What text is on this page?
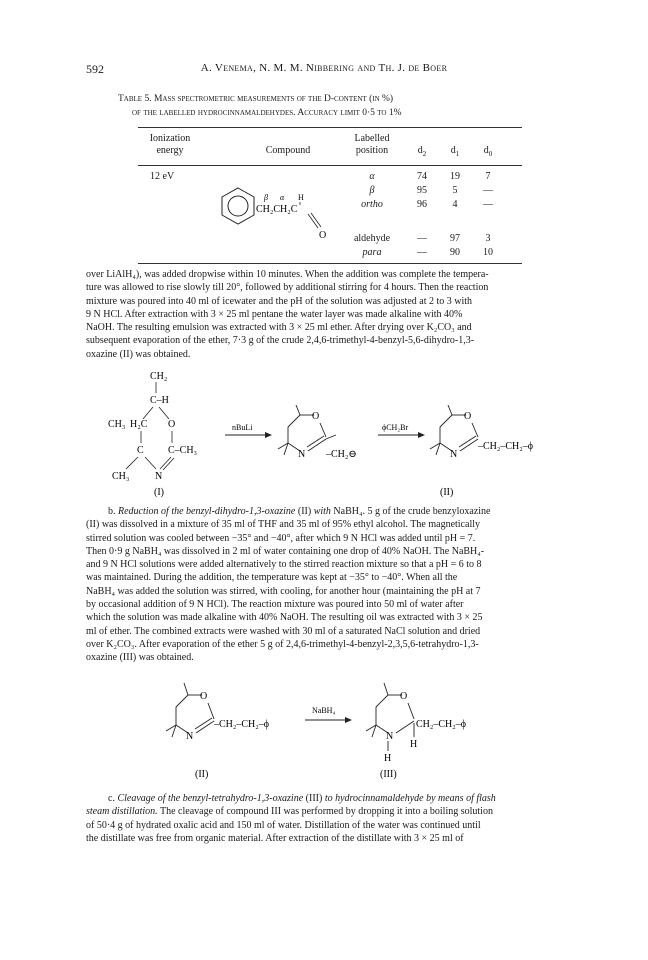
592	A. Venema, N. M. M. Nibbering and Th. J. de Boer
Table 5. Mass spectrometric measurements of the D-content (in %)
of the labelled hydrocinnamaldehydes. Accuracy limit 0·5 to 1%
Ionization
energy	Compound
Labelled
position	$d_2$	$d_1$	$d_0$
12 eV	α	74	19	7
β	95	5	—
ortho	96	4	—
aldehyde	—	97	3
para	—	90	10
β α H
CH₂CH₂C
O
over LiAlH₄), was added dropwise within 10 minutes. When the addition was complete the tempera-
ture was allowed to rise slowly till 20°, followed by additional stirring for 4 hours. Then the reaction
mixture was poured into 40 ml of icewater and the pH of the solution was adjusted at 2 to 3 with
9 N HCl. After extraction with 3 × 25 ml pentane the water layer was made alkaline with 40%
NaOH. The resulting emulsion was extracted with 3 × 25 ml ether. After drying over K₂CO₃ and
subsequent evaporation of the ether, 7·3 g of the crude 2,4,6-trimethyl-4-benzyl-5,6-dihydro-1,3-
oxazine (II) was obtained.
CH₂
C–H
CH₃ H₂C O
C C–CH₃
CH₃	N
nBuLi
O
N –CH₂⊖
ϕCH₂Br
O
N
–CH₂–CH₂–ϕ
(I)	(II)
b. Reduction of the benzyl-dihydro-1,3-oxazine (II) with NaBH₄. 5 g of the crude benzyloxazine
(II) was dissolved in a mixture of 35 ml of THF and 35 ml of 95% ethyl alcohol. The magnetically
stirred solution was cooled between −35° and −40°, after which 9 N HCl was added until pH = 7.
Then 0·9 g NaBH₄ was dissolved in 2 ml of water containing one drop of 40% NaOH. The NaBH₄-
and 9 N HCl solutions were added alternatively to the stirred reaction mixture so that a pH = 6 to 8
was maintained. During the addition, the temperature was kept at −35° to −40°. When all the
NaBH₄ was added the solution was stirred, with cooling, for another hour (maintaining the pH at 7
by occasional addition of 9 N HCl). The reaction mixture was poured into 50 ml of water after
which the solution was made alkaline with 40% NaOH. The resulting oil was extracted with 3 × 25
ml of ether. The combined extracts were washed with 30 ml of a saturated NaCl solution and dried
over K₂CO₃. After evaporation of the ether 5 g of 2,4,6-trimethyl-4-benzyl-2,3,5,6-tetrahydro-1,3-
oxazine (III) was obtained.
O
N
–CH₂–CH₂–ϕ
NaBH₄
O
N
CH₂–CH₂–ϕ
H
H
(II)	(III)
c. Cleavage of the benzyl-tetrahydro-1,3-oxazine (III) to hydrocinnamaldehyde by means of flash
steam distillation. The cleavage of compound III was performed by dropping it into a boiling solution
of 50·4 g of hydrated oxalic acid and 150 ml of water. Distillation of the water was continued until
the distillate was free from organic material. After extraction of the distillate with 3 × 25 ml of
